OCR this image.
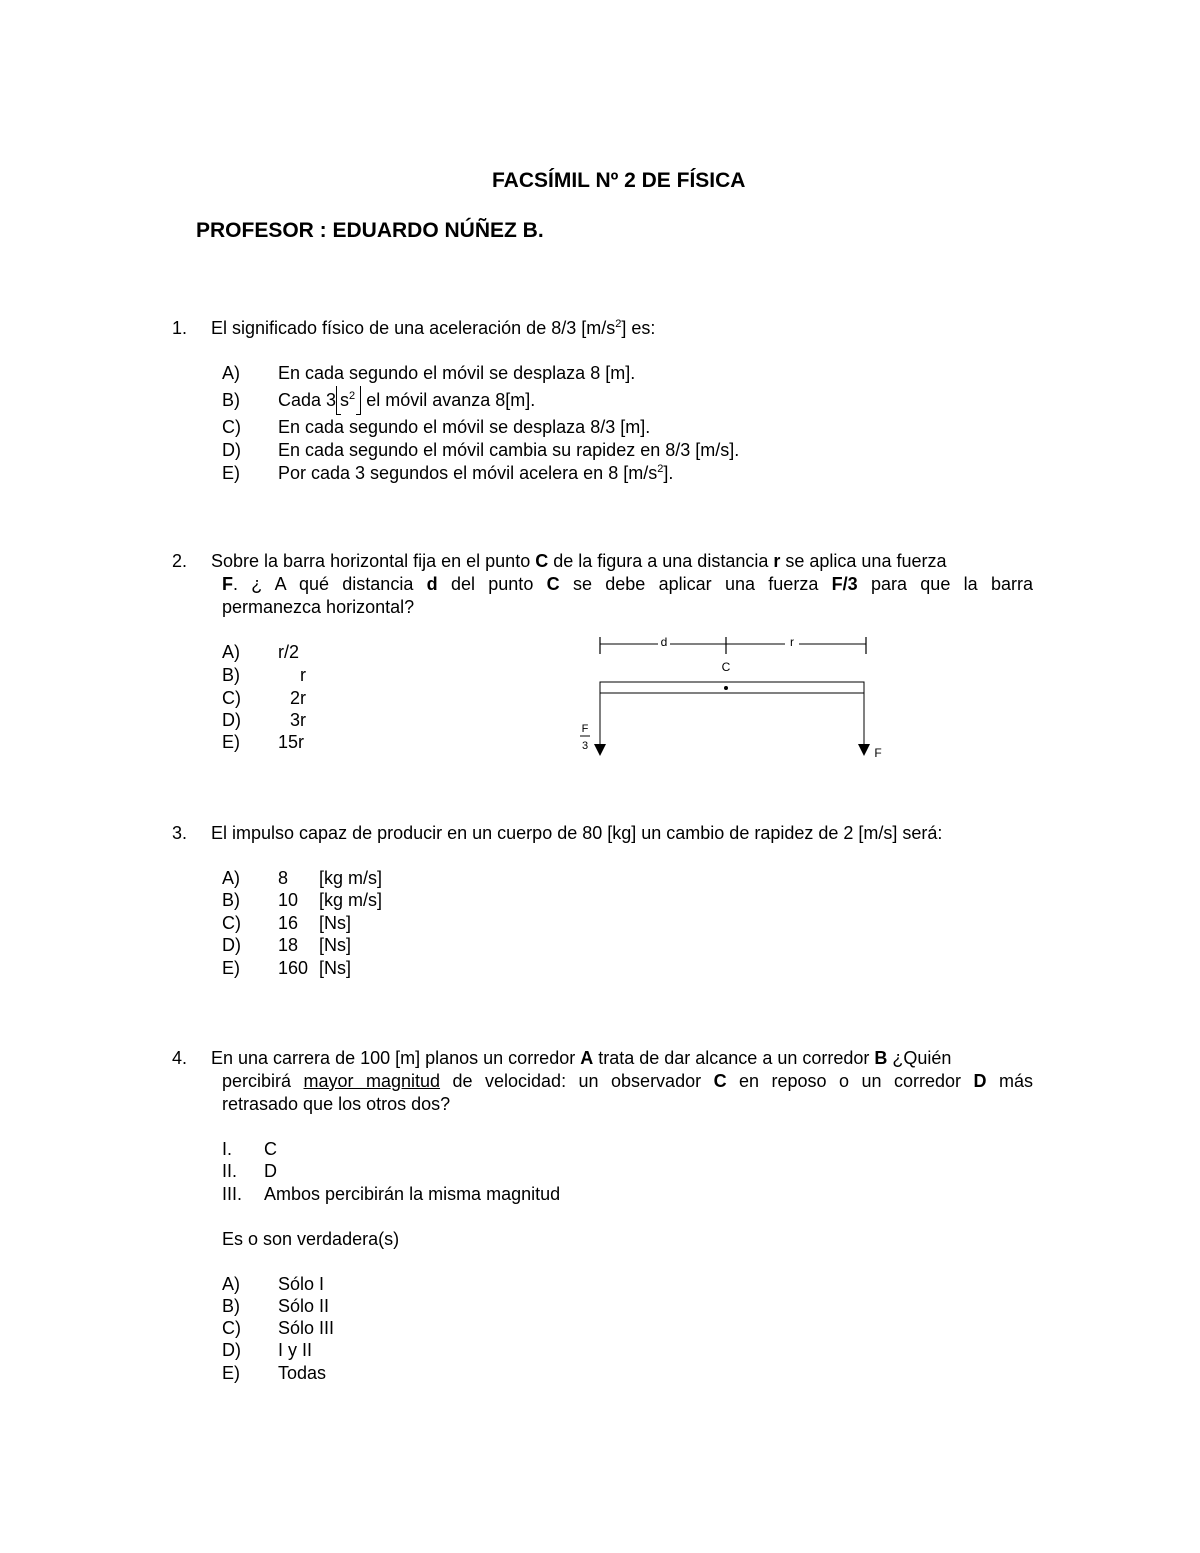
FACSÍMIL Nº 2 DE FÍSICA
PROFESOR : EDUARDO NÚÑEZ B.
1. El significado físico de una aceleración de 8/3 $[m/s^2]$ es:
A) En cada segundo el móvil se desplaza 8 [m].
B) Cada 3 $s^2$ el móvil avanza 8[m].
C) En cada segundo el móvil se desplaza 8/3 [m].
D) En cada segundo el móvil cambia su rapidez en 8/3 [m/s].
E) Por cada 3 segundos el móvil acelera en 8 $[m/s^2]$.
2. Sobre la barra horizontal fija en el punto C de la figura a una distancia r se aplica una fuerza
F. ¿ A qué distancia d del punto C se debe aplicar una fuerza F/3 para que la barra
permanezca horizontal?
A) r/2
B)	r
C)	2r
D)	3r
E) 15r
d	r
C
F
3	F
3. El impulso capaz de producir en un cuerpo de 80 [kg] un cambio de rapidez de 2 [m/s] será:
A) 8 [kg m/s]
B) 10 [kg m/s]
C) 16 [Ns]
D) 18 [Ns]
E) 160 [Ns]
4. En una carrera de 100 [m] planos un corredor A trata de dar alcance a un corredor B ¿Quién
percibirá mayor magnitud de velocidad: un observador C en reposo o un corredor D más
retrasado que los otros dos?
I. C
II. D
III. Ambos percibirán la misma magnitud
Es o son verdadera(s)
A) Sólo I
B) Sólo II
C) Sólo III
D) I y II
E) Todas
